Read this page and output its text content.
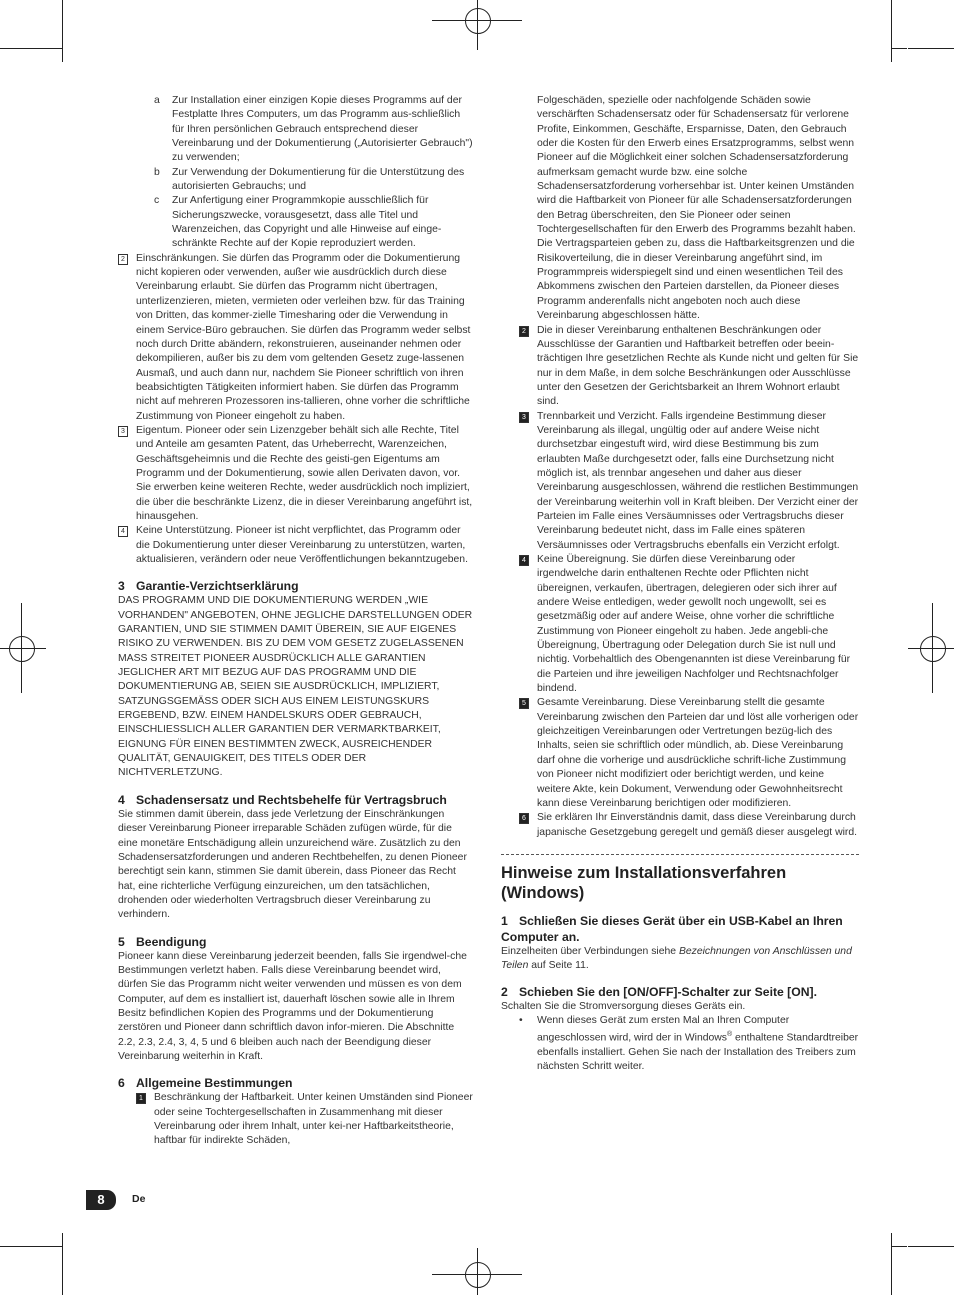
a	Zur Installation einer einzigen Kopie dieses Programms auf der Festplatte Ihres Computers, um das Programm aus-schließlich für Ihren persönlichen Gebrauch entsprechend dieser Vereinbarung und der Dokumentierung („Autorisierter Gebrauch") zu verwenden;
b	Zur Verwendung der Dokumentierung für die Unterstützung des autorisierten Gebrauchs; und
c	Zur Anfertigung einer Programmkopie ausschließlich für Sicherungszwecke, vorausgesetzt, dass alle Titel und Warenzeichen, das Copyright und alle Hinweise auf einge-schränkte Rechte auf der Kopie reproduziert werden.
2	Einschränkungen. Sie dürfen das Programm oder die Dokumentierung nicht kopieren oder verwenden, außer wie ausdrücklich durch diese Vereinbarung erlaubt. Sie dürfen das Programm nicht übertragen, unterlizenzieren, mieten, vermieten oder verleihen bzw. für das Training von Dritten, das kommer-zielle Timesharing oder die Verwendung in einem Service-Büro gebrauchen. Sie dürfen das Programm weder selbst noch durch Dritte abändern, rekonstruieren, auseinander nehmen oder dekompilieren, außer bis zu dem vom geltenden Gesetz zuge-lassenen Ausmaß, und auch dann nur, nachdem Sie Pioneer schriftlich von ihren beabsichtigten Tätigkeiten informiert haben. Sie dürfen das Programm nicht auf mehreren Prozessoren ins-tallieren, ohne vorher die schriftliche Zustimmung von Pioneer eingeholt zu haben.
3	Eigentum. Pioneer oder sein Lizenzgeber behält sich alle Rechte, Titel und Anteile am gesamten Patent, das Urheberrecht, Warenzeichen, Geschäftsgeheimnis und die Rechte des geisti-gen Eigentums am Programm und der Dokumentierung, sowie allen Derivaten davon, vor. Sie erwerben keine weiteren Rechte, weder ausdrücklich noch impliziert, die über die beschränkte Lizenz, die in dieser Vereinbarung angeführt ist, hinausgehen.
4	Keine Unterstützung. Pioneer ist nicht verpflichtet, das Programm oder die Dokumentierung unter dieser Vereinbarung zu unterstützen, warten, aktualisieren, verändern oder neue Veröffentlichungen bekanntzugeben.
3 Garantie-Verzichtserklärung
DAS PROGRAMM UND DIE DOKUMENTIERUNG WERDEN „WIE VORHANDEN" ANGEBOTEN, OHNE JEGLICHE DARSTELLUNGEN ODER GARANTIEN, UND SIE STIMMEN DAMIT ÜBEREIN, SIE AUF EIGENES RISIKO ZU VERWENDEN. BIS ZU DEM VOM GESETZ ZUGELASSENEN MASS STREITET PIONEER AUSDRÜCKLICH ALLE GARANTIEN JEGLICHER ART MIT BEZUG AUF DAS PROGRAMM UND DIE DOKUMENTIERUNG AB, SEIEN SIE AUSDRÜCKLICH, IMPLIZIERT, SATZUNGSGEMÄSS ODER SICH AUS EINEM LEISTUNGSKURS ERGEBEND, BZW. EINEM HANDELSKURS ODER GEBRAUCH, EINSCHLIESSLICH ALLER GARANTIEN DER VERMARKTBARKEIT, EIGNUNG FÜR EINEN BESTIMMTEN ZWECK, AUSREICHENDER QUALITÄT, GENAUIGKEIT, DES TITELS ODER DER NICHTVERLETZUNG.
4 Schadensersatz und Rechtsbehelfe für Vertragsbruch
Sie stimmen damit überein, dass jede Verletzung der Einschränkungen dieser Vereinbarung Pioneer irreparable Schäden zufügen würde, für die eine monetäre Entschädigung allein unzureichend wäre. Zusätzlich zu den Schadensersatzforderungen und anderen Rechtbehelfen, zu denen Pioneer berechtigt sein kann, stimmen Sie damit überein, dass Pioneer das Recht hat, eine richterliche Verfügung einzureichen, um den tatsächlichen, drohenden oder wiederholten Vertragsbruch dieser Vereinbarung zu verhindern.
5 Beendigung
Pioneer kann diese Vereinbarung jederzeit beenden, falls Sie irgendwel-che Bestimmungen verletzt haben. Falls diese Vereinbarung beendet wird, dürfen Sie das Programm nicht weiter verwenden und müssen es von dem Computer, auf dem es installiert ist, dauerhaft löschen sowie alle in Ihrem Besitz befindlichen Kopien des Programms und der Dokumentierung zerstören und Pioneer dann schriftlich davon infor-mieren. Die Abschnitte 2.2, 2.3, 2.4, 3, 4, 5 und 6 bleiben auch nach der Beendigung dieser Vereinbarung weiterhin in Kraft.
6 Allgemeine Bestimmungen
1	Beschränkung der Haftbarkeit. Unter keinen Umständen sind Pioneer oder seine Tochtergesellschaften in Zusammenhang mit dieser Vereinbarung oder ihrem Inhalt, unter kei-ner Haftbarkeitstheorie, haftbar für indirekte Schäden,
Folgeschäden, spezielle oder nachfolgende Schäden sowie verschärften Schadensersatz oder für Schadensersatz für verlorene Profite, Einkommen, Geschäfte, Ersparnisse, Daten, den Gebrauch oder die Kosten für den Erwerb eines Ersatzprogramms, selbst wenn Pioneer auf die Möglichkeit einer solchen Schadensersatzforderung aufmerksam gemacht wurde bzw. eine solche Schadensersatzforderung vorhersehbar ist. Unter keinen Umständen wird die Haftbarkeit von Pioneer für alle Schadensersatzforderungen den Betrag überschreiten, den Sie Pioneer oder seinen Tochtergesellschaften für den Erwerb des Programms bezahlt haben. Die Vertragsparteien geben zu, dass die Haftbarkeitsgrenzen und die Risikoverteilung, die in dieser Vereinbarung angeführt sind, im Programmpreis widerspiegelt sind und einen wesentlichen Teil des Abkommens zwischen den Parteien darstellen, da Pioneer dieses Programm anderenfalls nicht angeboten noch auch diese Vereinbarung abgeschlossen hätte.
2	Die in dieser Vereinbarung enthaltenen Beschränkungen oder Ausschlüsse der Garantien und Haftbarkeit betreffen oder beein-trächtigen Ihre gesetzlichen Rechte als Kunde nicht und gelten für Sie nur in dem Maße, in dem solche Beschränkungen oder Ausschlüsse unter den Gesetzen der Gerichtsbarkeit an Ihrem Wohnort erlaubt sind.
3	Trennbarkeit und Verzicht. Falls irgendeine Bestimmung dieser Vereinbarung als illegal, ungültig oder auf andere Weise nicht durchsetzbar eingestuft wird, wird diese Bestimmung bis zum erlaubten Maße durchgesetzt oder, falls eine Durchsetzung nicht möglich ist, als trennbar angesehen und daher aus dieser Vereinbarung ausgeschlossen, während die restlichen Bestimmungen der Vereinbarung weiterhin voll in Kraft bleiben. Der Verzicht einer der Parteien im Falle eines Versäumnisses oder Vertragsbruchs dieser Vereinbarung bedeutet nicht, dass im Falle eines späteren Versäumnisses oder Vertragsbruchs ebenfalls ein Verzicht erfolgt.
4	Keine Übereignung. Sie dürfen diese Vereinbarung oder irgendwelche darin enthaltenen Rechte oder Pflichten nicht übereignen, verkaufen, übertragen, delegieren oder sich ihrer auf andere Weise entledigen, weder gewollt noch ungewollt, sei es gesetzmäßig oder auf andere Weise, ohne vorher die schriftliche Zustimmung von Pioneer eingeholt zu haben. Jede angebli-che Übereignung, Übertragung oder Delegation durch Sie ist null und nichtig. Vorbehaltlich des Obengenannten ist diese Vereinbarung für die Parteien und ihre jeweiligen Nachfolger und Rechtsnachfolger bindend.
5	Gesamte Vereinbarung. Diese Vereinbarung stellt die gesamte Vereinbarung zwischen den Parteien dar und löst alle vorherigen oder gleichzeitigen Vereinbarungen oder Vertretungen bezüg-lich des Inhalts, seien sie schriftlich oder mündlich, ab. Diese Vereinbarung darf ohne die vorherige und ausdrückliche schrift-liche Zustimmung von Pioneer nicht modifiziert oder berichtigt werden, und keine weitere Akte, kein Dokument, Verwendung oder Gewohnheitsrecht kann diese Vereinbarung berichtigen oder modifizieren.
6	Sie erklären Ihr Einverständnis damit, dass diese Vereinbarung durch japanische Gesetzgebung geregelt und gemäß dieser ausgelegt wird.
Hinweise zum Installationsverfahren (Windows)
1 Schließen Sie dieses Gerät über ein USB-Kabel an Ihren Computer an.
Einzelheiten über Verbindungen siehe Bezeichnungen von Anschlüssen und Teilen auf Seite 11.
2 Schieben Sie den [ON/OFF]-Schalter zur Seite [ON].
Schalten Sie die Stromversorgung dieses Geräts ein.
•	Wenn dieses Gerät zum ersten Mal an Ihren Computer angeschlossen wird, wird der in Windows® enthaltene Standardtreiber ebenfalls installiert. Gehen Sie nach der Installation des Treibers zum nächsten Schritt weiter.
8	De
